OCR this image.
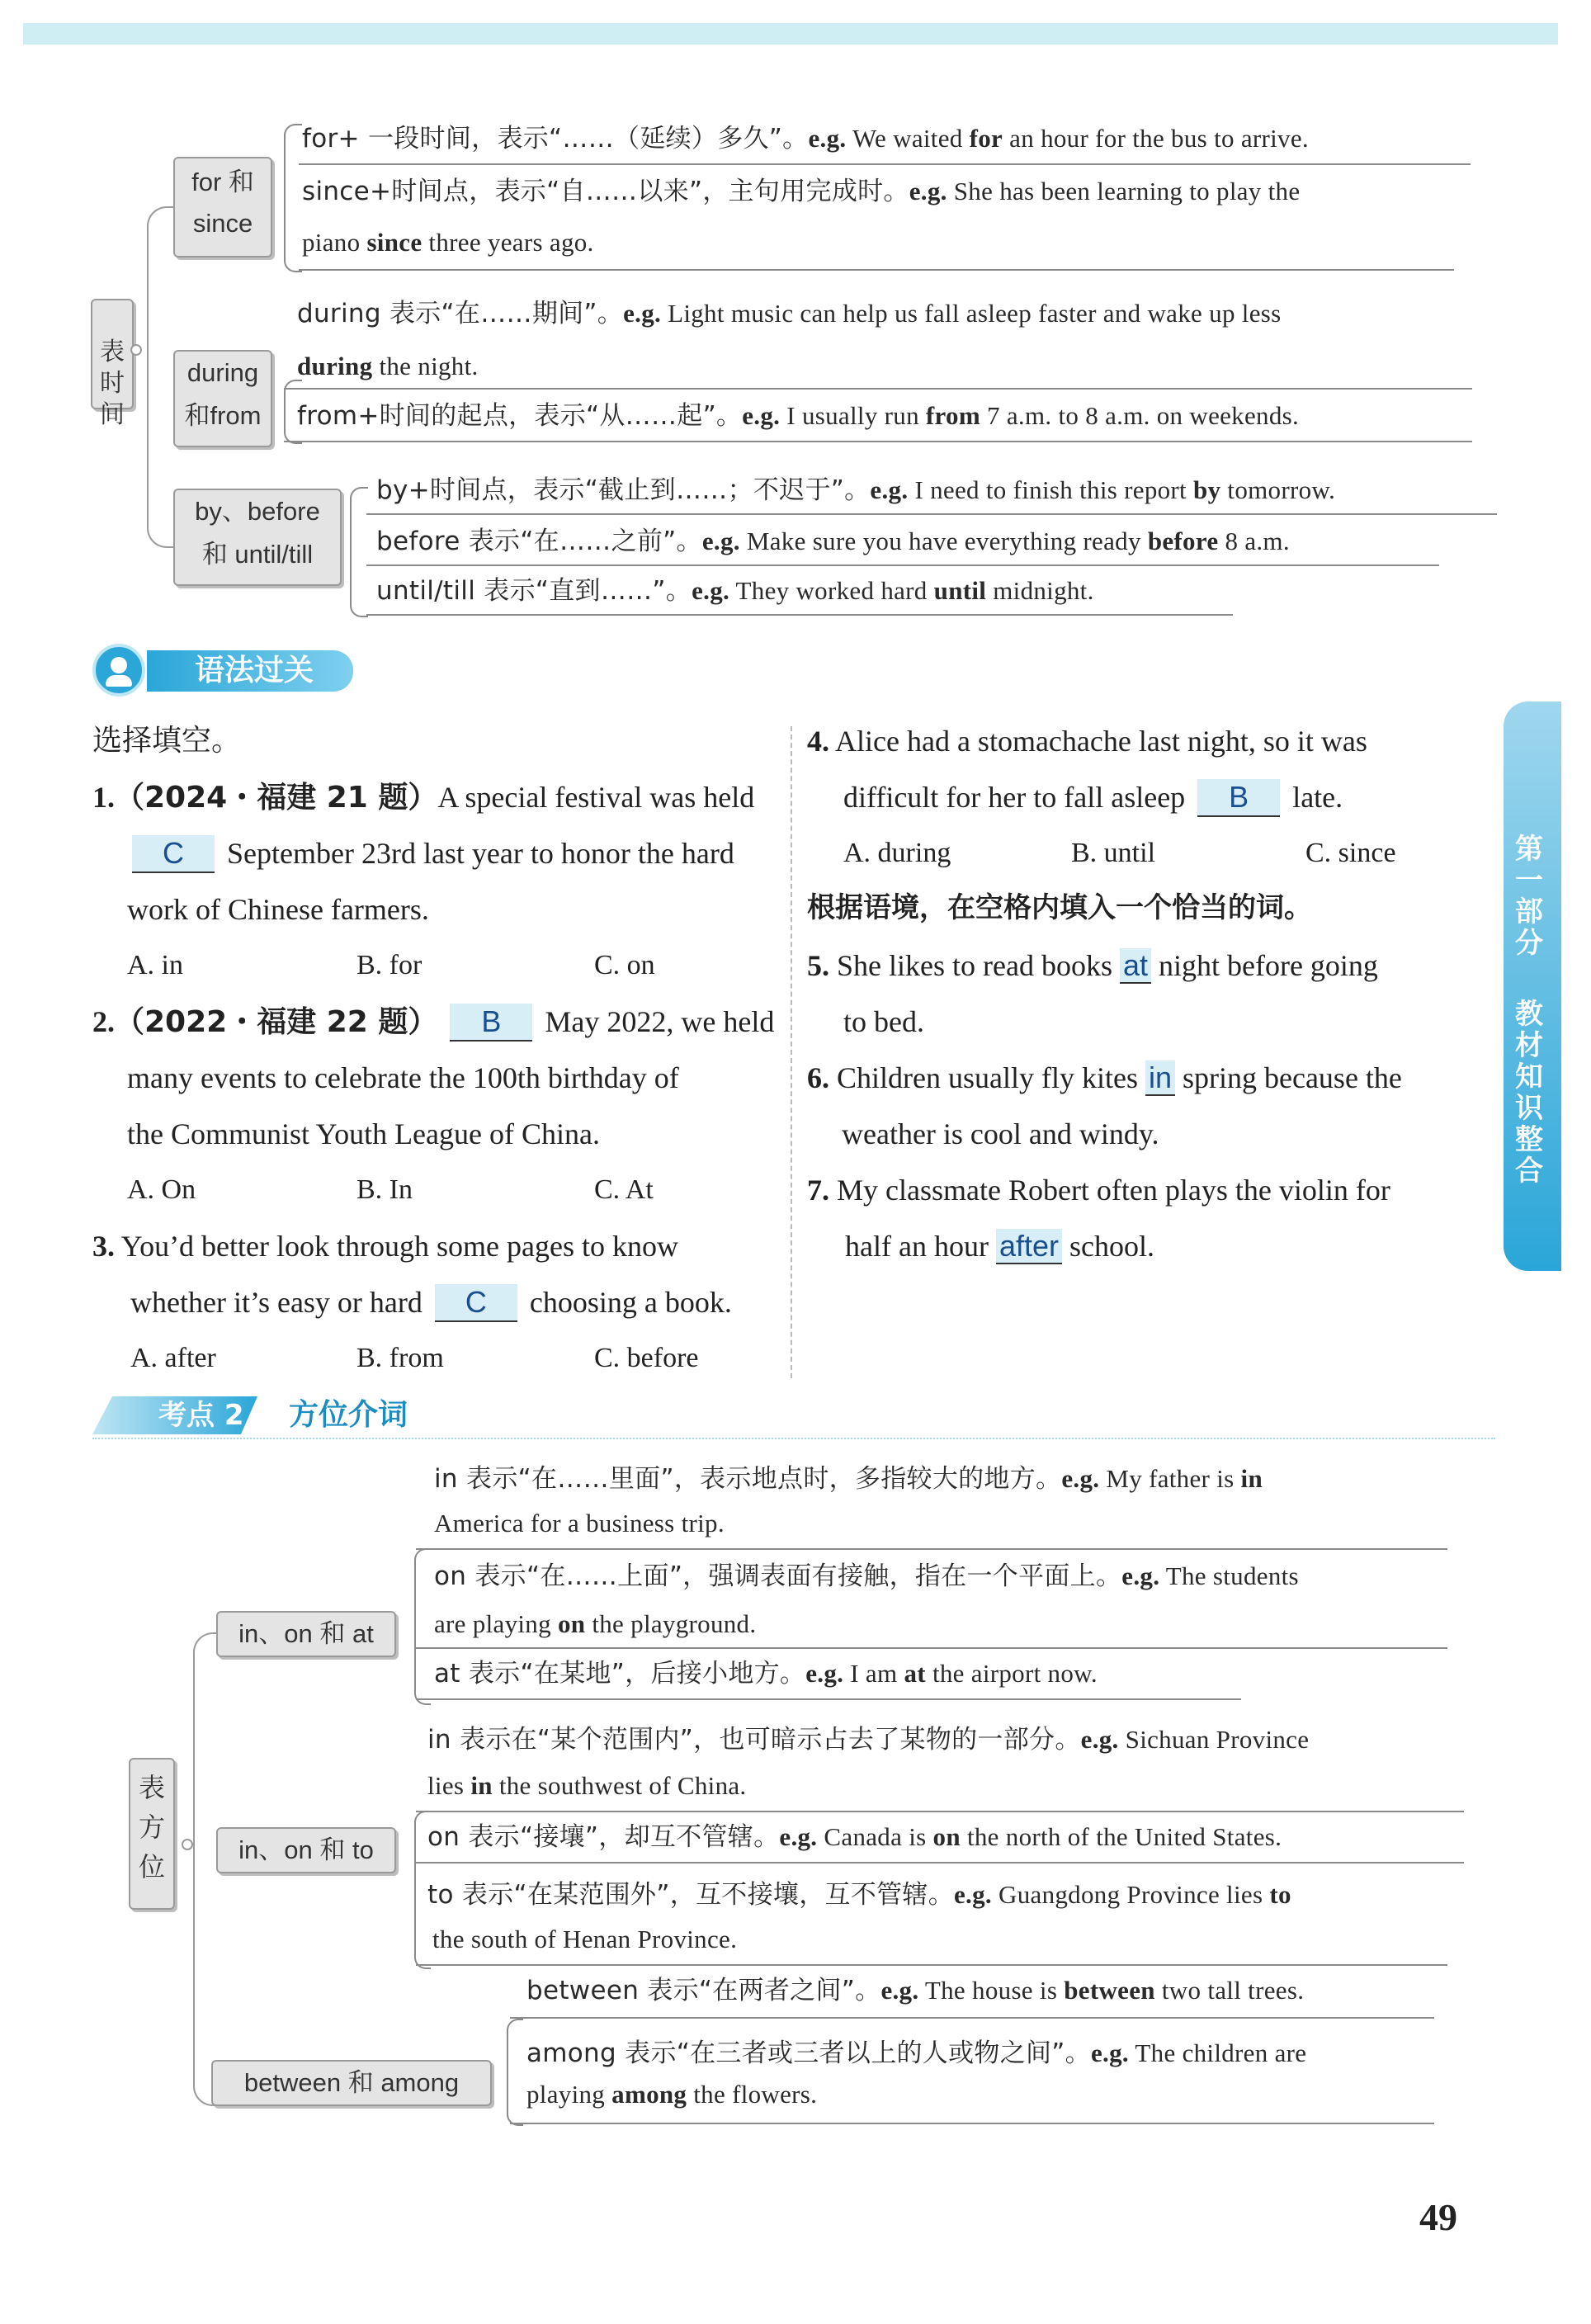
表时间

for 和
since
for+ 一段时间，表示“……（延续）多久”。e.g. We waited for an hour for the bus to arrive.
since+时间点，表示“自……以来”，主句用完成时。e.g. She has been learning to play the
piano since three years ago.
during
和from
during 表示“在……期间”。e.g. Light music can help us fall asleep faster and wake up less
during the night.
from+时间的起点，表示“从……起”。e.g. I usually run from 7 a.m. to 8 a.m. on weekends.
by、before
和 until/till
by+时间点，表示“截止到……；不迟于”。e.g. I need to finish this report by tomorrow.
before 表示“在……之前”。e.g. Make sure you have everything ready before 8 a.m.
until/till 表示“直到……”。e.g. They worked hard until midnight.
语法过关
选择填空。
1.（2024・福建 21 题）A special festival was held
C September 23rd last year to honor the hard
work of Chinese farmers.
A. in	B. for	C. on
2.（2022・福建 22 题） B May 2022, we held
many events to celebrate the 100th birthday of
the Communist Youth League of China.
A. On	B. In	C. At
3. You’d better look through some pages to know
whether it’s easy or hard C choosing a book.
A. after	B. from	C. before
4. Alice had a stomachache last night, so it was
difficult for her to fall asleep B late.
A. during	B. until	C. since
根据语境，在空格内填入一个恰当的词。
5. She likes to read books at night before going
to bed.
6. Children usually fly kites in spring because the
weather is cool and windy.
7. My classmate Robert often plays the violin for
half an hour after school.
第一部分
教材知识整合
考点 2 方位介词
表方位
in、on 和 at
in 表示“在……里面”，表示地点时，多指较大的地方。e.g. My father is in
America for a business trip.
on 表示“在……上面”，强调表面有接触，指在一个平面上。e.g. The students
are playing on the playground.
at 表示“在某地”，后接小地方。e.g. I am at the airport now.
in、on 和 to
in 表示在“某个范围内”，也可暗示占去了某物的一部分。e.g. Sichuan Province
lies in the southwest of China.
on 表示“接壤”，却互不管辖。e.g. Canada is on the north of the United States.
to 表示“在某范围外”，互不接壤，互不管辖。e.g. Guangdong Province lies to
the south of Henan Province.
between 和 among
between 表示“在两者之间”。e.g. The house is between two tall trees.
among 表示“在三者或三者以上的人或物之间”。e.g. The children are
playing among the flowers.
49
